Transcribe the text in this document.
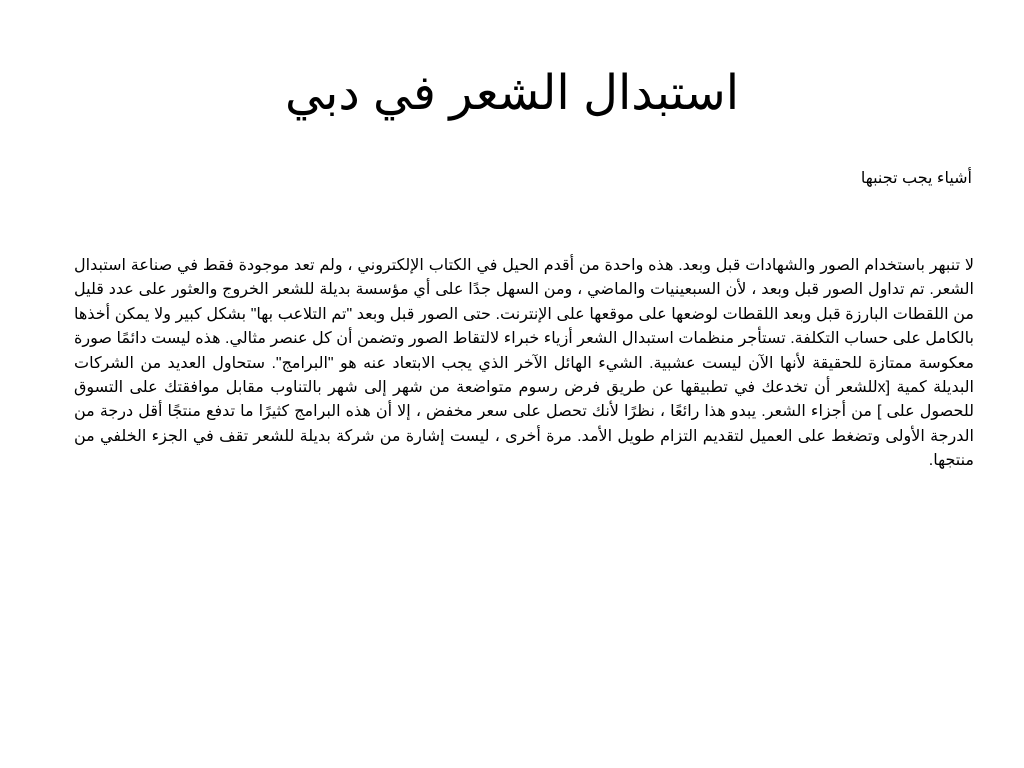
استبدال الشعر في دبي

أشياء يجب تجنبها

لا تنبهر باستخدام الصور والشهادات قبل وبعد. هذه واحدة من أقدم الحيل في الكتاب الإلكتروني ، ولم تعد موجودة فقط في صناعة استبدال الشعر. تم تداول الصور قبل وبعد ، لأن السبعينيات والماضي ، ومن السهل جدًا على أي مؤسسة بديلة للشعر الخروج والعثور على عدد قليل من اللقطات البارزة قبل وبعد اللقطات لوضعها على موقعها على الإنترنت. حتى الصور قبل وبعد "تم التلاعب بها" بشكل كبير ولا يمكن أخذها بالكامل على حساب التكلفة. تستأجر منظمات استبدال الشعر أزياء خبراء لالتقاط الصور وتضمن أن كل عنصر مثالي. هذه ليست دائمًا صورة معكوسة ممتازة للحقيقة لأنها الآن ليست عشبية. الشيء الهائل الآخر الذي يجب الابتعاد عنه هو "البرامج". ستحاول العديد من الشركات البديلة كمية [xللشعر أن تخدعك في تطبيقها عن طريق فرض رسوم متواضعة من شهر إلى شهر بالتناوب مقابل موافقتك على التسوق للحصول على ] من أجزاء الشعر. يبدو هذا رائعًا ، نظرًا لأنك تحصل على سعر مخفض ، إلا أن هذه البرامج كثيرًا ما تدفع منتجًا أقل درجة من الدرجة الأولى وتضغط على العميل لتقديم التزام طويل الأمد. مرة أخرى ، ليست إشارة من شركة بديلة للشعر تقف في الجزء الخلفي من منتجها.
